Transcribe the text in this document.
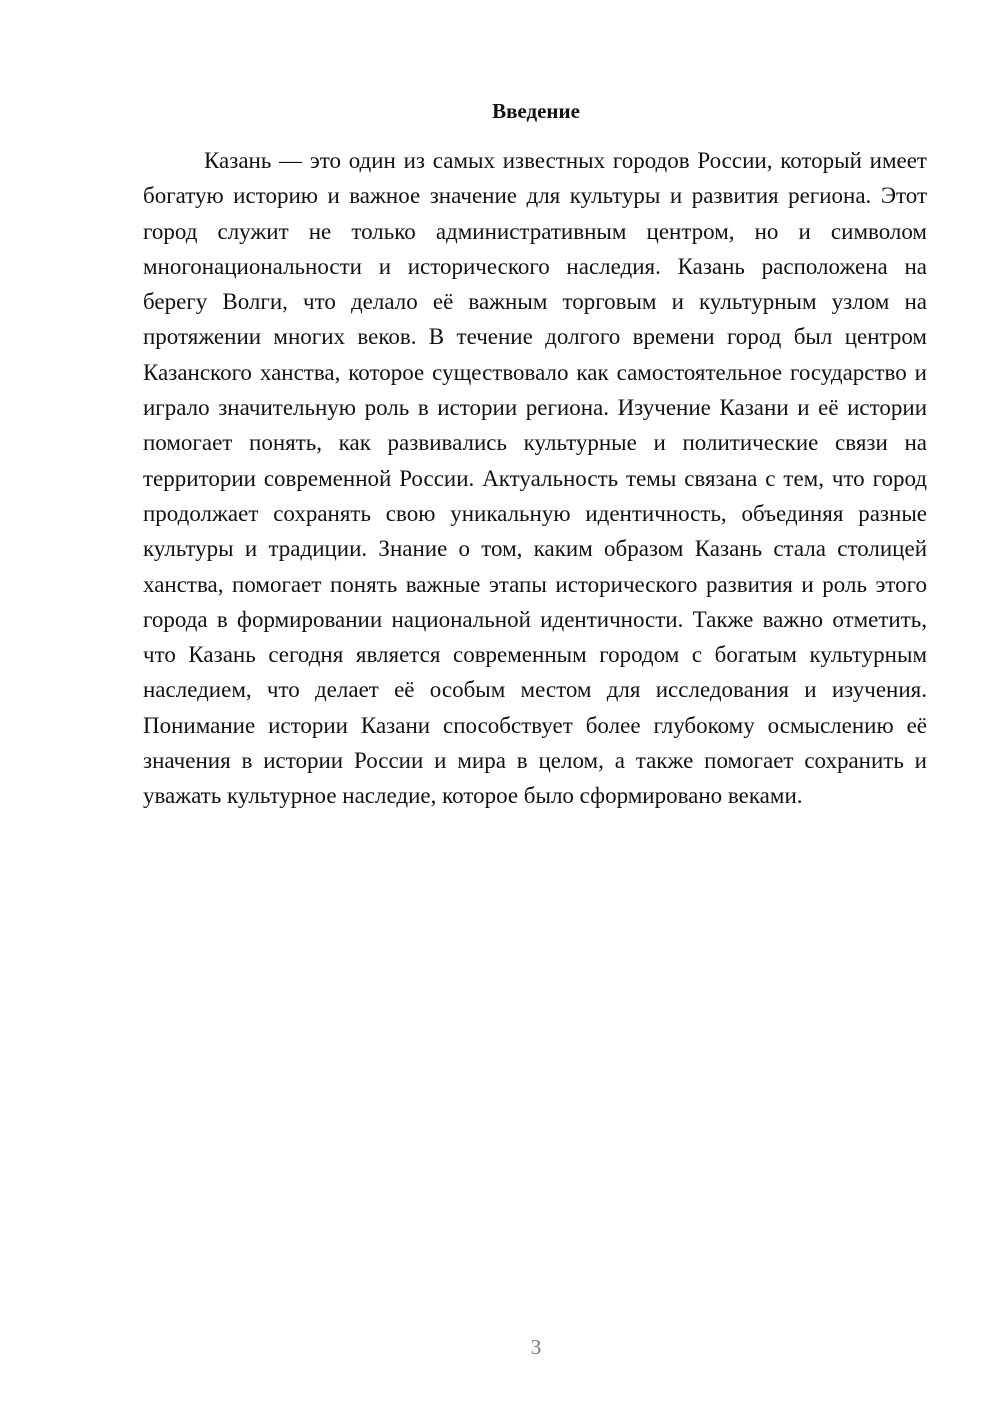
Введение

Казань — это один из самых известных городов России, который имеет богатую историю и важное значение для культуры и развития региона. Этот город служит не только административным центром, но и символом многонациональности и исторического наследия. Казань расположена на берегу Волги, что делало её важным торговым и культурным узлом на протяжении многих веков. В течение долгого времени город был центром Казанского ханства, которое существовало как самостоятельное государство и играло значительную роль в истории региона. Изучение Казани и её истории помогает понять, как развивались культурные и политические связи на территории современной России. Актуальность темы связана с тем, что город продолжает сохранять свою уникальную идентичность, объединяя разные культуры и традиции. Знание о том, каким образом Казань стала столицей ханства, помогает понять важные этапы исторического развития и роль этого города в формировании национальной идентичности. Также важно отметить, что Казань сегодня является современным городом с богатым культурным наследием, что делает её особым местом для исследования и изучения. Понимание истории Казани способствует более глубокому осмыслению её значения в истории России и мира в целом, а также помогает сохранить и уважать культурное наследие, которое было сформировано веками.

3
